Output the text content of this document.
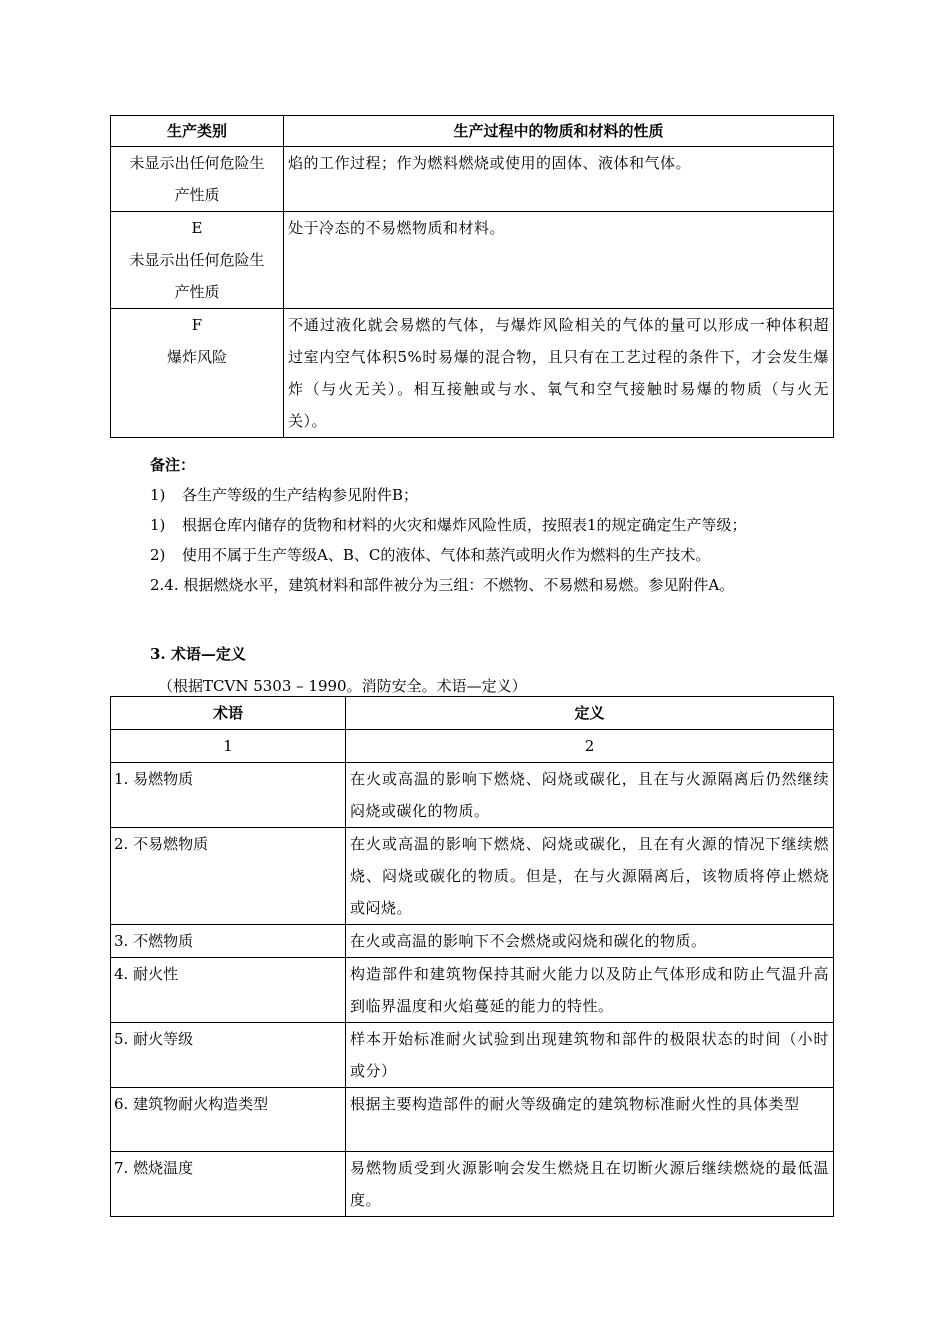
生产类别	生产过程中的物质和材料的性质

未显示出任何危险生
产性质	焰的工作过程；作为燃料燃烧或使用的固体、液体和气体。

E
未显示出任何危险生
产性质	处于冷态的不易燃物质和材料。

F
爆炸风险	不通过液化就会易燃的气体，与爆炸风险相关的气体的量可以形成一种体积超过室内空气体积5%时易爆的混合物，且只有在工艺过程的条件下，才会发生爆炸（与火无关）。相互接触或与水、氧气和空气接触时易爆的物质（与火无关）。
备注：

1) 各生产等级的生产结构参见附件B；

1) 根据仓库内储存的货物和材料的火灾和爆炸风险性质，按照表1的规定确定生产等级；

2) 使用不属于生产等级A、B、C的液体、气体和蒸汽或明火作为燃料的生产技术。

2.4. 根据燃烧水平，建筑材料和部件被分为三组：不燃物、不易燃和易燃。参见附件A。

3. 术语—定义
（根据TCVN 5303 – 1990。消防安全。术语—定义）
术语	定义
1	2
1. 易燃物质	在火或高温的影响下燃烧、闷烧或碳化，且在与火源隔离后仍然继续闷烧或碳化的物质。
2. 不易燃物质	在火或高温的影响下燃烧、闷烧或碳化，且在有火源的情况下继续燃烧、闷烧或碳化的物质。但是，在与火源隔离后，该物质将停止燃烧或闷烧。
3. 不燃物质	在火或高温的影响下不会燃烧或闷烧和碳化的物质。
4. 耐火性	构造部件和建筑物保持其耐火能力以及防止气体形成和防止气温升高到临界温度和火焰蔓延的能力的特性。
5. 耐火等级	样本开始标准耐火试验到出现建筑物和部件的极限状态的时间（小时或分）
6. 建筑物耐火构造类型	根据主要构造部件的耐火等级确定的建筑物标准耐火性的具体类型
7. 燃烧温度	易燃物质受到火源影响会发生燃烧且在切断火源后继续燃烧的最低温度。
